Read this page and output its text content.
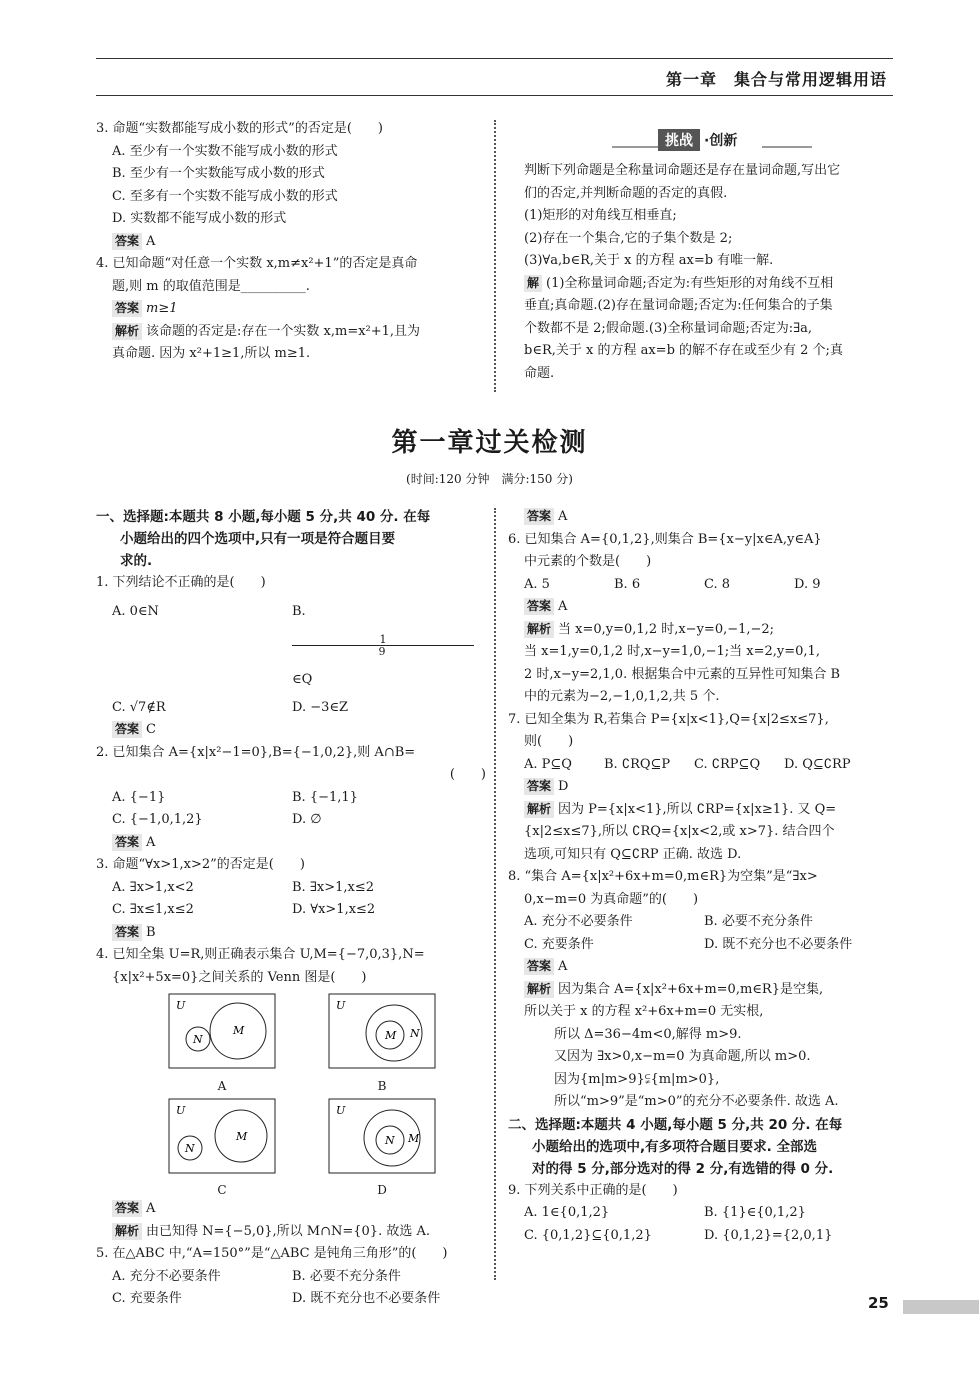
第一章　集合与常用逻辑用语

3. 命题“实数都能写成小数的形式”的否定是(　　)

A. 至少有一个实数不能写成小数的形式

B. 至少有一个实数能写成小数的形式

C. 至多有一个实数不能写成小数的形式

D. 实数都不能写成小数的形式

答案 A

4. 已知命题“对任意一个实数 x,m≠x²+1”的否定是真命

题,则 m 的取值范围是__________.

答案 m≥1

解析 该命题的否定是:存在一个实数 x,m=x²+1,且为

真命题. 因为 x²+1≥1,所以 m≥1.

挑战 ·创新

判断下列命题是全称量词命题还是存在量词命题,写出它

们的否定,并判断命题的否定的真假.

(1)矩形的对角线互相垂直;

(2)存在一个集合,它的子集个数是 2;

(3)∀a,b∈R,关于 x 的方程 ax=b 有唯一解.

解 (1)全称量词命题;否定为:有些矩形的对角线不互相

垂直;真命题.(2)存在量词命题;否定为:任何集合的子集

个数都不是 2;假命题.(3)全称量词命题;否定为:∃a,

b∈R,关于 x 的方程 ax=b 的解不存在或至少有 2 个;真

命题.

第一章过关检测
(时间:120 分钟　满分:150 分)
一、选择题:本题共 8 小题,每小题 5 分,共 40 分. 在每
小题给出的四个选项中,只有一项是符合题目要
求的.

1. 下列结论不正确的是(　　)

A. 0∈N	B.
$\frac{1}{9}\in Q$
C. √7∉R	D. −3∈Z

答案 C

2. 已知集合 A={x|x²−1=0},B={−1,0,2},则 A∩B=

(　　)

A. {−1}	B. {−1,1}
C. {−1,0,1,2}	D. ∅

答案 A

3. 命题“∀x>1,x>2”的否定是(　　)

A. ∃x>1,x<2	B. ∃x>1,x≤2
C. ∃x≤1,x≤2	D. ∀x>1,x≤2

答案 B

4. 已知全集 U=R,则正确表示集合 U,M={−7,0,3},N=

{x|x²+5x=0}之间关系的 Venn 图是(　　)

U
N
M
A
U
M N
B
U
N
M
C
U
N M
D

答案 A

解析 由已知得 N={−5,0},所以 M∩N={0}. 故选 A.

5. 在△ABC 中,“A=150°”是“△ABC 是钝角三角形”的(　　)

A. 充分不必要条件	B. 必要不充分条件
C. 充要条件	D. 既不充分也不必要条件

答案 A

6. 已知集合 A={0,1,2},则集合 B={x−y|x∈A,y∈A}

中元素的个数是(　　)

A. 5	B. 6	C. 8	D. 9

答案 A

解析 当 x=0,y=0,1,2 时,x−y=0,−1,−2;

当 x=1,y=0,1,2 时,x−y=1,0,−1;当 x=2,y=0,1,

2 时,x−y=2,1,0. 根据集合中元素的互异性可知集合 B

中的元素为−2,−1,0,1,2,共 5 个.

7. 已知全集为 R,若集合 P={x|x<1},Q={x|2≤x≤7},

则(　　)

A. P⊆Q	B. ∁RQ⊆P	C. ∁RP⊆Q	D. Q⊆∁RP

答案 D

解析 因为 P={x|x<1},所以 ∁RP={x|x≥1}. 又 Q=

{x|2≤x≤7},所以 ∁RQ={x|x<2,或 x>7}. 结合四个

选项,可知只有 Q⊆∁RP 正确. 故选 D.

8. “集合 A={x|x²+6x+m=0,m∈R}为空集”是“∃x>

0,x−m=0 为真命题”的(　　)

A. 充分不必要条件	B. 必要不充分条件
C. 充要条件	D. 既不充分也不必要条件

答案 A

解析 因为集合 A={x|x²+6x+m=0,m∈R}是空集,

所以关于 x 的方程 x²+6x+m=0 无实根,

所以 Δ=36−4m<0,解得 m>9.

又因为 ∃x>0,x−m=0 为真命题,所以 m>0.

因为{m|m>9}⫋{m|m>0},

所以“m>9”是“m>0”的充分不必要条件. 故选 A.

二、选择题:本题共 4 小题,每小题 5 分,共 20 分. 在每
小题给出的选项中,有多项符合题目要求. 全部选
对的得 5 分,部分选对的得 2 分,有选错的得 0 分.

9. 下列关系中正确的是(　　)

A. 1∈{0,1,2}	B. {1}∈{0,1,2}
C. {0,1,2}⊆{0,1,2}	D. {0,1,2}={2,0,1}
25
